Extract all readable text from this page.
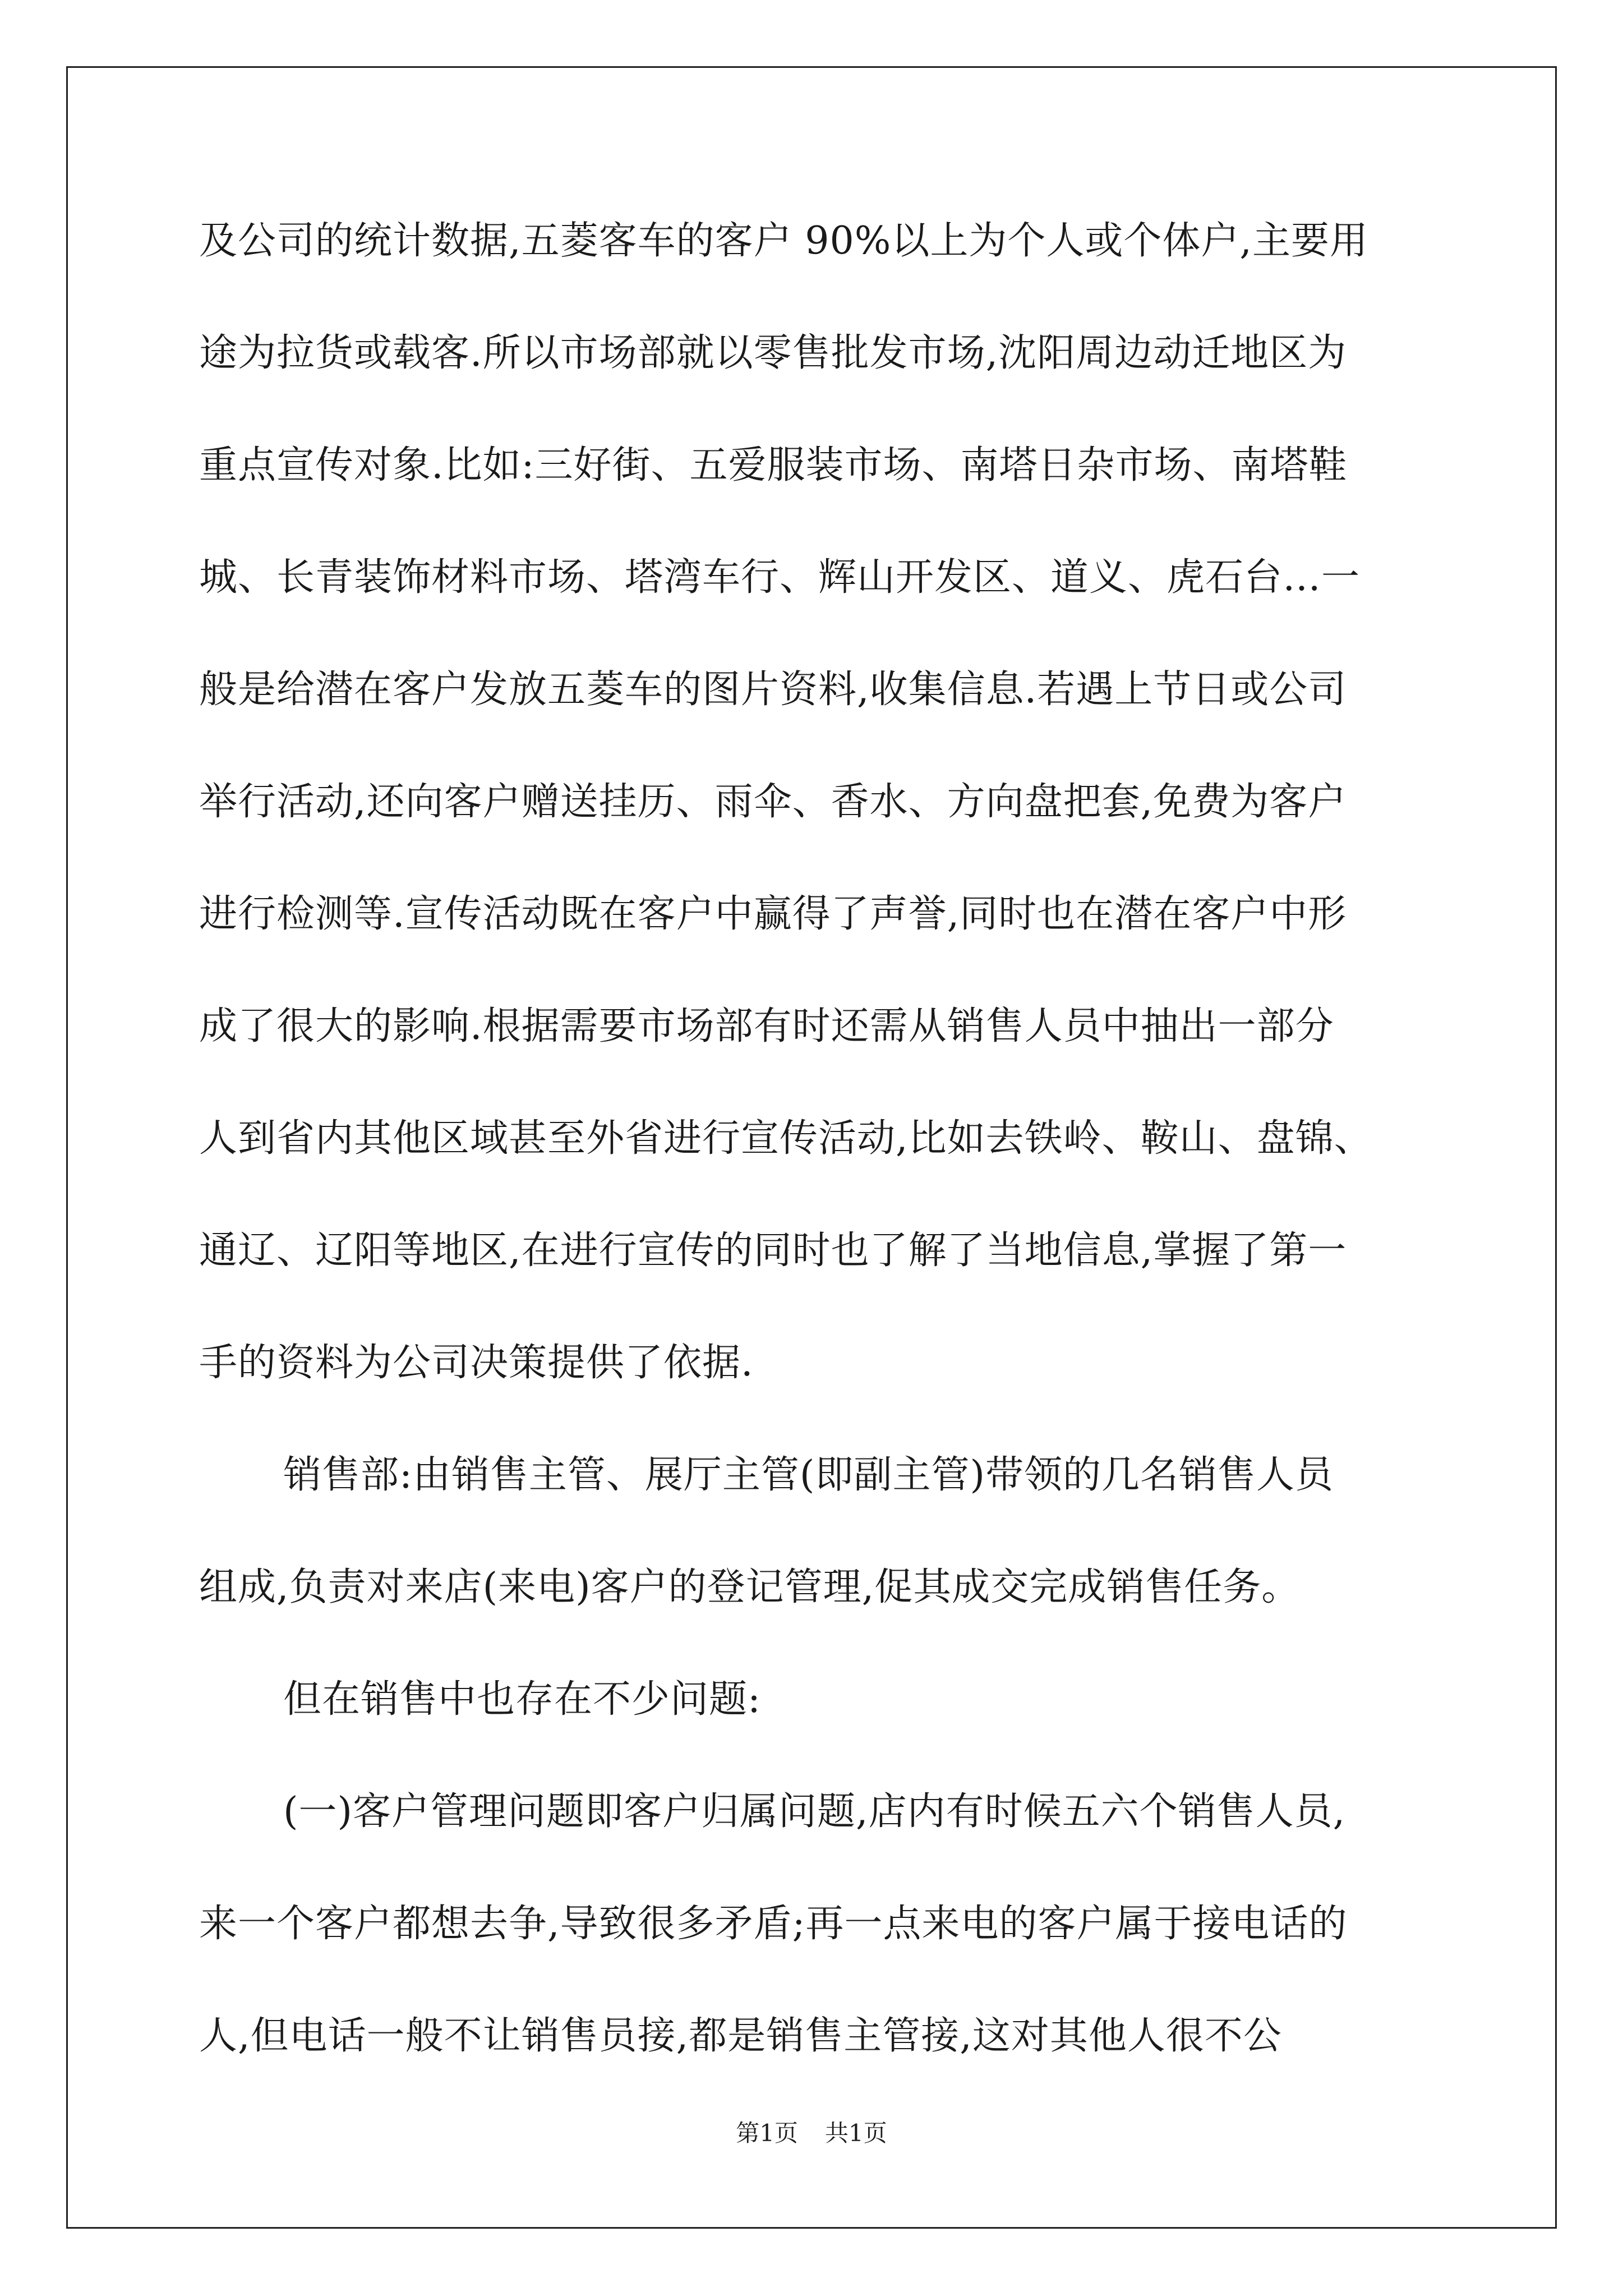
及公司的统计数据,五菱客车的客户 90%以上为个人或个体户,主要用
途为拉货或载客.所以市场部就以零售批发市场,沈阳周边动迁地区为
重点宣传对象.比如:三好街、五爱服装市场、南塔日杂市场、南塔鞋
城、长青装饰材料市场、塔湾车行、辉山开发区、道义、虎石台…一
般是给潜在客户发放五菱车的图片资料,收集信息.若遇上节日或公司
举行活动,还向客户赠送挂历、雨伞、香水、方向盘把套,免费为客户
进行检测等.宣传活动既在客户中赢得了声誉,同时也在潜在客户中形
成了很大的影响.根据需要市场部有时还需从销售人员中抽出一部分
人到省内其他区域甚至外省进行宣传活动,比如去铁岭、鞍山、盘锦、
通辽、辽阳等地区,在进行宣传的同时也了解了当地信息,掌握了第一
手的资料为公司决策提供了依据.
销售部:由销售主管、展厅主管(即副主管)带领的几名销售人员
组成,负责对来店(来电)客户的登记管理,促其成交完成销售任务。
但在销售中也存在不少问题:
(一)客户管理问题即客户归属问题,店内有时候五六个销售人员,
来一个客户都想去争,导致很多矛盾;再一点来电的客户属于接电话的
人,但电话一般不让销售员接,都是销售主管接,这对其他人很不公
第1页 共1页
